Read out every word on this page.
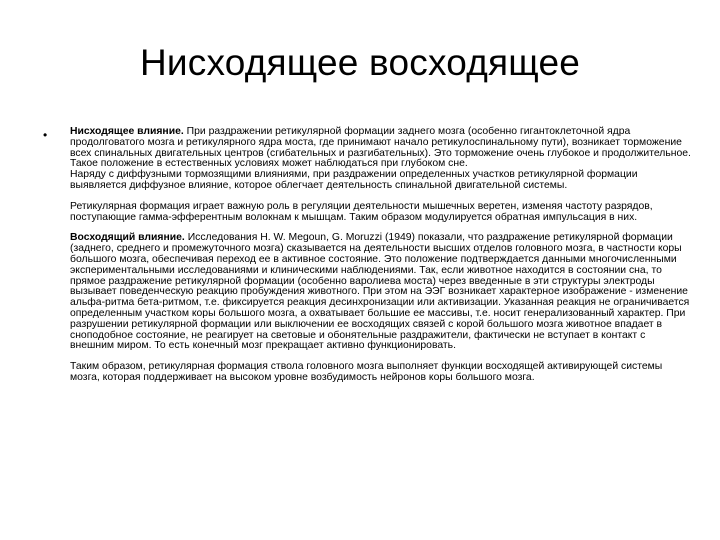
Нисходящее восходящее
• Нисходящее влияние. При раздражении ретикулярной формации заднего мозга (особенно гигантоклеточной ядра продолговатого мозга и ретикулярного ядра моста, где принимают начало ретикулоспинальному пути), возникает торможение всех спинальных двигательных центров (сгибательных и разгибательных). Это торможение очень глубокое и продолжительное. Такое положение в естественных условиях может наблюдаться при глубоком сне.

Наряду с диффузными тормозящими влияниями, при раздражении определенных участков ретикулярной формации выявляется диффузное влияние, которое облегчает деятельность спинальной двигательной системы.

Ретикулярная формация играет важную роль в регуляции деятельности мышечных веретен, изменяя частоту разрядов, поступающие гамма-эфферентным волокнам к мышцам. Таким образом модулируется обратная импульсация в них.

Восходящий влияние. Исследования H. W. Megoun, G. Moruzzi (1949) показали, что раздражение ретикулярной формации (заднего, среднего и промежуточного мозга) сказывается на деятельности высших отделов головного мозга, в частности коры большого мозга, обеспечивая переход ее в активное состояние. Это положение подтверждается данными многочисленными экспериментальными исследованиями и клиническими наблюдениями. Так, если животное находится в состоянии сна, то прямое раздражение ретикулярной формации (особенно варолиева моста) через введенные в эти структуры электроды вызывает поведенческую реакцию пробуждения животного. При этом на ЭЭГ возникает характерное изображение - изменение альфа-ритма бета-ритмом, т.е. фиксируется реакция десинхронизации или активизации. Указанная реакция не ограничивается определенным участком коры большого мозга, а охватывает большие ее массивы, т.е. носит генерализованный характер. При разрушении ретикулярной формации или выключении ее восходящих связей с корой большого мозга животное впадает в сноподобное состояние, не реагирует на световые и обонятельные раздражители, фактически не вступает в контакт с внешним миром. То есть конечный мозг прекращает активно функционировать.

Таким образом, ретикулярная формация ствола головного мозга выполняет функции восходящей активирующей системы мозга, которая поддерживает на высоком уровне возбудимость нейронов коры большого мозга.
